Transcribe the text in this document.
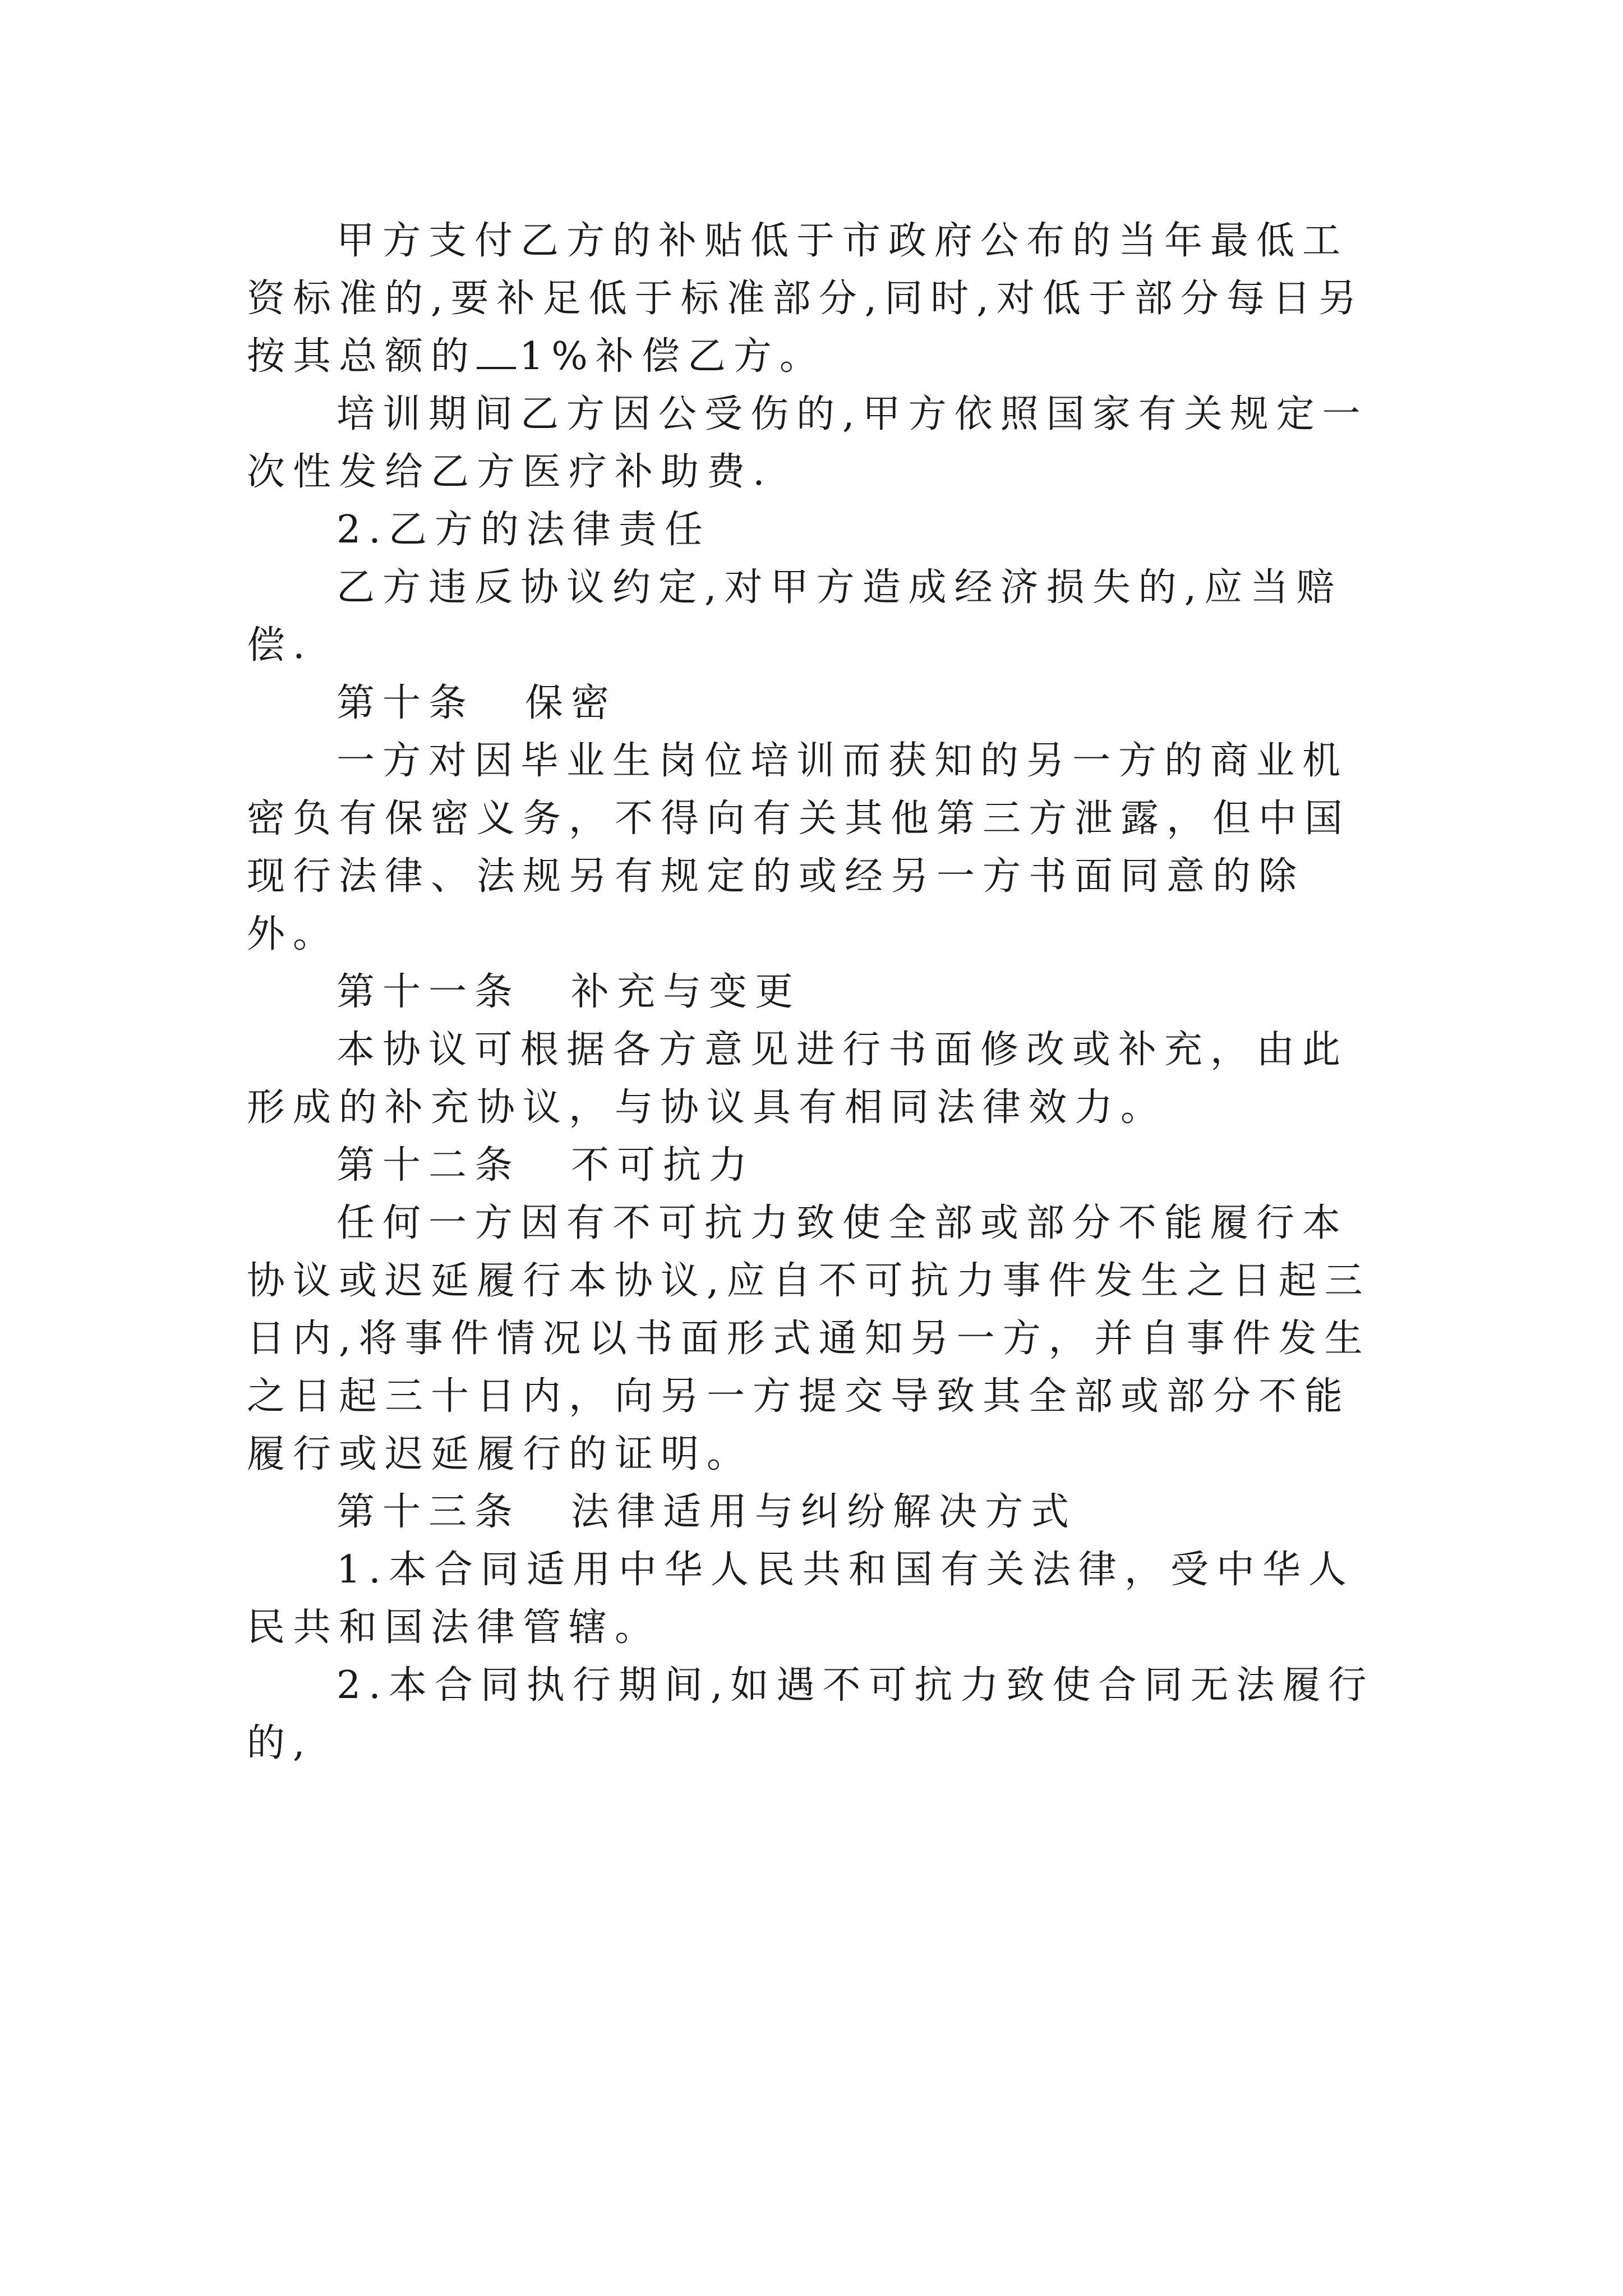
甲方支付乙方的补贴低于市政府公布的当年最低工资标准的,要补足低于标准部分,同时,对低于部分每日另按其总额的 1%补偿乙方。

培训期间乙方因公受伤的,甲方依照国家有关规定一次性发给乙方医疗补助费.

2.乙方的法律责任

乙方违反协议约定,对甲方造成经济损失的,应当赔偿.

第十条 保密

一方对因毕业生岗位培训而获知的另一方的商业机密负有保密义务，不得向有关其他第三方泄露，但中国现行法律、法规另有规定的或经另一方书面同意的除外。

第十一条 补充与变更

本协议可根据各方意见进行书面修改或补充，由此形成的补充协议，与协议具有相同法律效力。

第十二条 不可抗力

任何一方因有不可抗力致使全部或部分不能履行本协议或迟延履行本协议,应自不可抗力事件发生之日起三日内,将事件情况以书面形式通知另一方，并自事件发生之日起三十日内，向另一方提交导致其全部或部分不能履行或迟延履行的证明。

第十三条 法律适用与纠纷解决方式

1.本合同适用中华人民共和国有关法律，受中华人民共和国法律管辖。

2.本合同执行期间,如遇不可抗力致使合同无法履行的,
